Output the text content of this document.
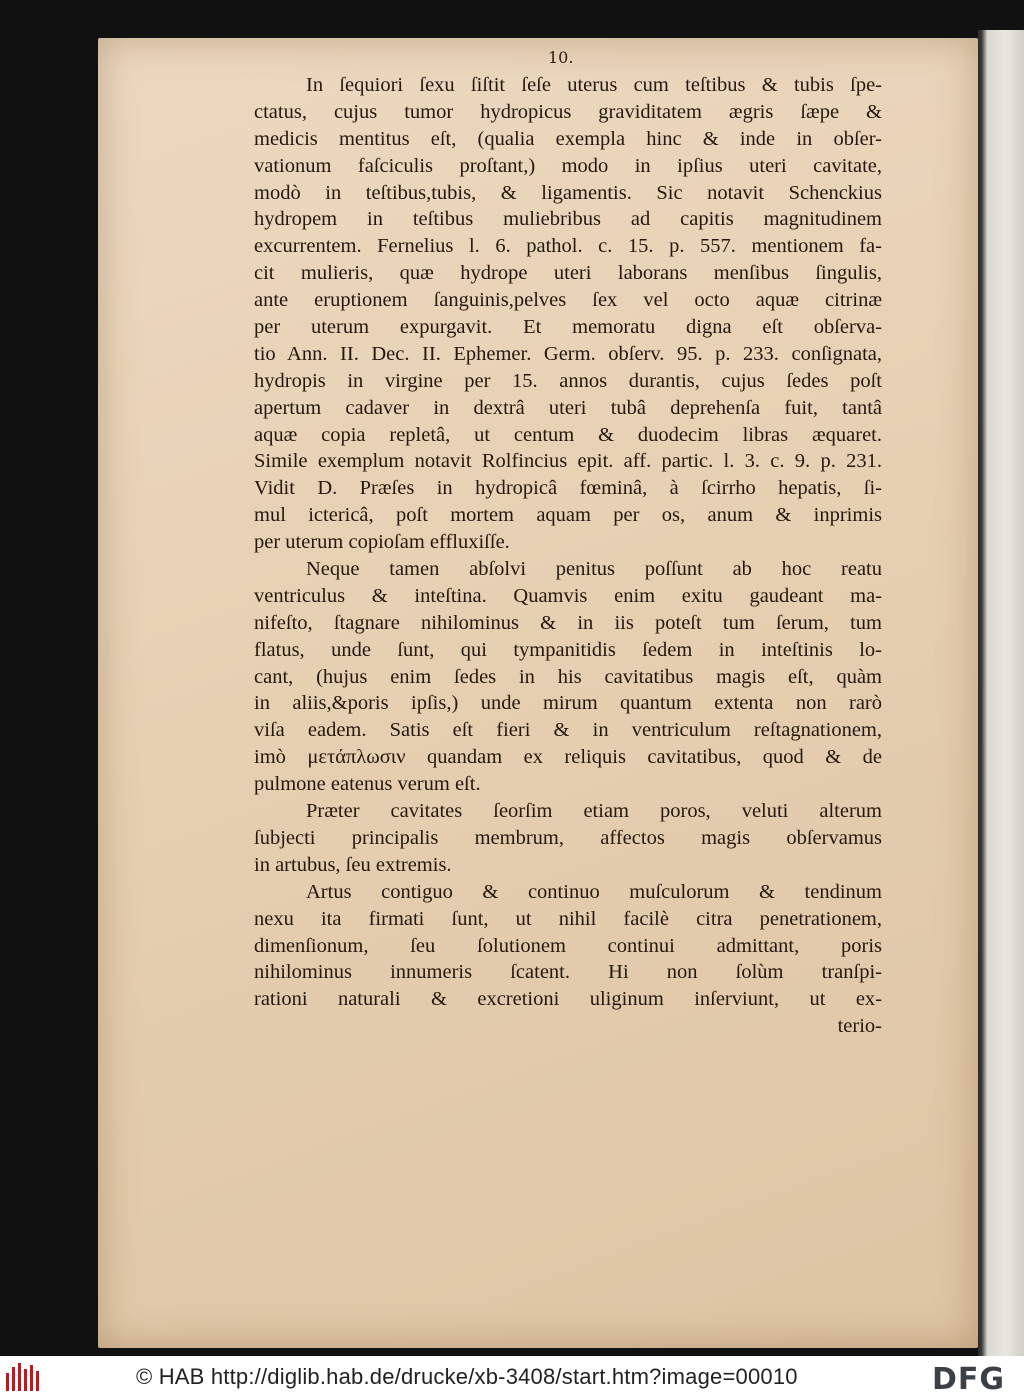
10.
In ſequiori ſexu ſiſtit ſeſe uterus cum teſtibus & tubis ſpe-
ctatus, cujus tumor hydropicus graviditatem ægris ſæpe &
medicis mentitus eſt, (qualia exempla hinc & inde in obſer-
vationum faſciculis proſtant,) modo in ipſius uteri cavitate,
modò in teſtibus,tubis, & ligamentis. Sic notavit Schenckius
hydropem in teſtibus muliebribus ad capitis magnitudinem
excurrentem. Fernelius l. 6. pathol. c. 15. p. 557. mentionem fa-
cit mulieris, quæ hydrope uteri laborans menſibus ſingulis,
ante eruptionem ſanguinis,pelves ſex vel octo aquæ citrinæ
per uterum expurgavit. Et memoratu digna eſt obſerva-
tio Ann. II. Dec. II. Ephemer. Germ. obſerv. 95. p. 233. conſignata,
hydropis in virgine per 15. annos durantis, cujus ſedes poſt
apertum cadaver in dextrâ uteri tubâ deprehenſa fuit, tantâ
aquæ copia repletâ, ut centum & duodecim libras æquaret.
Simile exemplum notavit Rolfincius epit. aff. partic. l. 3. c. 9. p. 231.
Vidit D. Præſes in hydropicâ fœminâ, à ſcirrho hepatis, ſi-
mul ictericâ, poſt mortem aquam per os, anum & inprimis
per uterum copioſam effluxiſſe.
Neque tamen abſolvi penitus poſſunt ab hoc reatu
ventriculus & inteſtina. Quamvis enim exitu gaudeant ma-
nifeſto, ſtagnare nihilominus & in iis poteſt tum ſerum, tum
flatus, unde ſunt, qui tympanitidis ſedem in inteſtinis lo-
cant, (hujus enim ſedes in his cavitatibus magis eſt, quàm
in aliis,&poris ipſis,) unde mirum quantum extenta non rarò
viſa eadem. Satis eſt fieri & in ventriculum reſtagnationem,
imò μετάπλωσιν quandam ex reliquis cavitatibus, quod & de
pulmone eatenus verum eſt.
Præter cavitates ſeorſim etiam poros, veluti alterum
ſubjecti principalis membrum, affectos magis obſervamus
in artubus, ſeu extremis.
Artus contiguo & continuo muſculorum & tendinum
nexu ita firmati ſunt, ut nihil facilè citra penetrationem,
dimenſionum, ſeu ſolutionem continui admittant, poris
nihilominus innumeris ſcatent. Hi non ſolùm tranſpi-
rationi naturali & excretioni uliginum inſerviunt, ut ex-
terio-
© HAB http://diglib.hab.de/drucke/xb-3408/start.htm?image=00010	DFG
